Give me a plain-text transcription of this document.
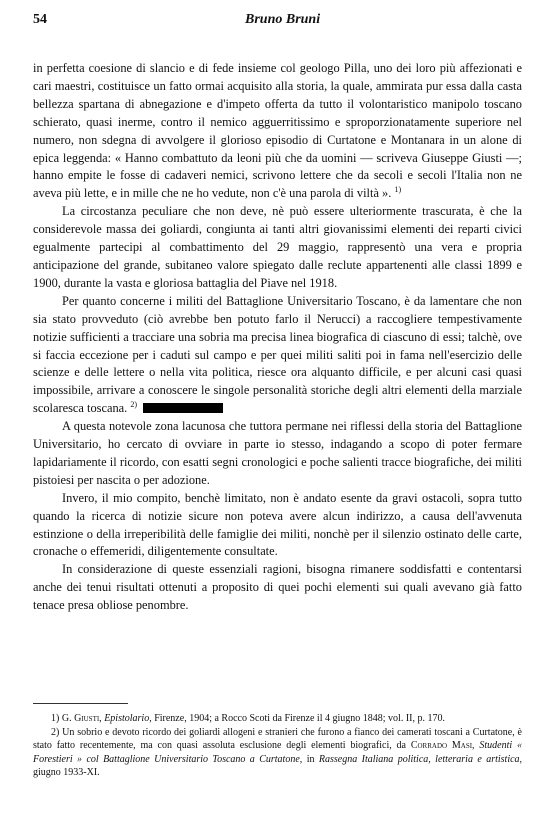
54	Bruno Bruni

in perfetta coesione di slancio e di fede insieme col geologo Pilla, uno dei loro più affezionati e cari maestri, costituisce un fatto ormai acquisito alla storia, la quale, ammirata pur essa dalla casta bellezza spartana di abnegazione e d'impeto offerta da tutto il volontaristico manipolo toscano schierato, quasi inerme, contro il nemico agguerritissimo e sproporzionatamente superiore nel numero, non sdegna di avvolgere il glorioso episodio di Curtatone e Montanara in un alone di epica leggenda: « Hanno combattuto da leoni più che da uomini — scriveva Giuseppe Giusti —; hanno empite le fosse di cadaveri nemici, scrivono lettere che da secoli e secoli l'Italia non ne aveva più lette, e in mille che ne ho vedute, non c'è una parola di viltà ». $^{1)}$

La circostanza peculiare che non deve, nè può essere ulteriormente trascurata, è che la considerevole massa dei goliardi, congiunta ai tanti altri giovanissimi elementi dei reparti civici egualmente partecipi al combattimento del 29 maggio, rappresentò una vera e propria anticipazione del grande, subitaneo valore spiegato dalle reclute appartenenti alle classi 1899 e 1900, durante la vasta e gloriosa battaglia del Piave nel 1918.

Per quanto concerne i militi del Battaglione Universitario Toscano, è da lamentare che non sia stato provveduto (ciò avrebbe ben potuto farlo il Nerucci) a raccogliere tempestivamente notizie sufficienti a tracciare una sobria ma precisa linea biografica di ciascuno di essi; talchè, ove si faccia eccezione per i caduti sul campo e per quei militi saliti poi in fama nell'esercizio delle scienze e delle lettere o nella vita politica, riesce ora alquanto difficile, e per alcuni casi quasi impossibile, arrivare a conoscere le singole personalità storiche degli altri elementi della marziale scolaresca toscana. $^{2)}$

A questa notevole zona lacunosa che tuttora permane nei riflessi della storia del Battaglione Universitario, ho cercato di ovviare in parte io stesso, indagando a scopo di poter fermare lapidariamente il ricordo, con esatti segni cronologici e poche salienti tracce biografiche, dei militi pistoiesi per nascita o per adozione.

Invero, il mio compito, benchè limitato, non è andato esente da gravi ostacoli, sopra tutto quando la ricerca di notizie sicure non poteva avere alcun indirizzo, a causa dell'avvenuta estinzione o della irreperibilità delle famiglie dei militi, nonchè per il silenzio ostinato delle carte, cronache o effemeridi, diligentemente consultate.

In considerazione di queste essenziali ragioni, bisogna rimanere soddisfatti e contentarsi anche dei tenui risultati ottenuti a proposito di quei pochi elementi sui quali avevano già fatto tenace presa obliose penombre.

1) G. Giusti, Epistolario, Firenze, 1904; a Rocco Scoti da Firenze il 4 giugno 1848; vol. II, p. 170.

2) Un sobrio e devoto ricordo dei goliardi allogeni e stranieri che furono a fianco dei camerati toscani a Curtatone, è stato fatto recentemente, ma con quasi assoluta esclusione degli elementi biografici, da Corrado Masi, Studenti « Forestieri » col Battaglione Universitario Toscano a Curtatone, in Rassegna Italiana politica, letteraria e artistica, giugno 1933-XI.
